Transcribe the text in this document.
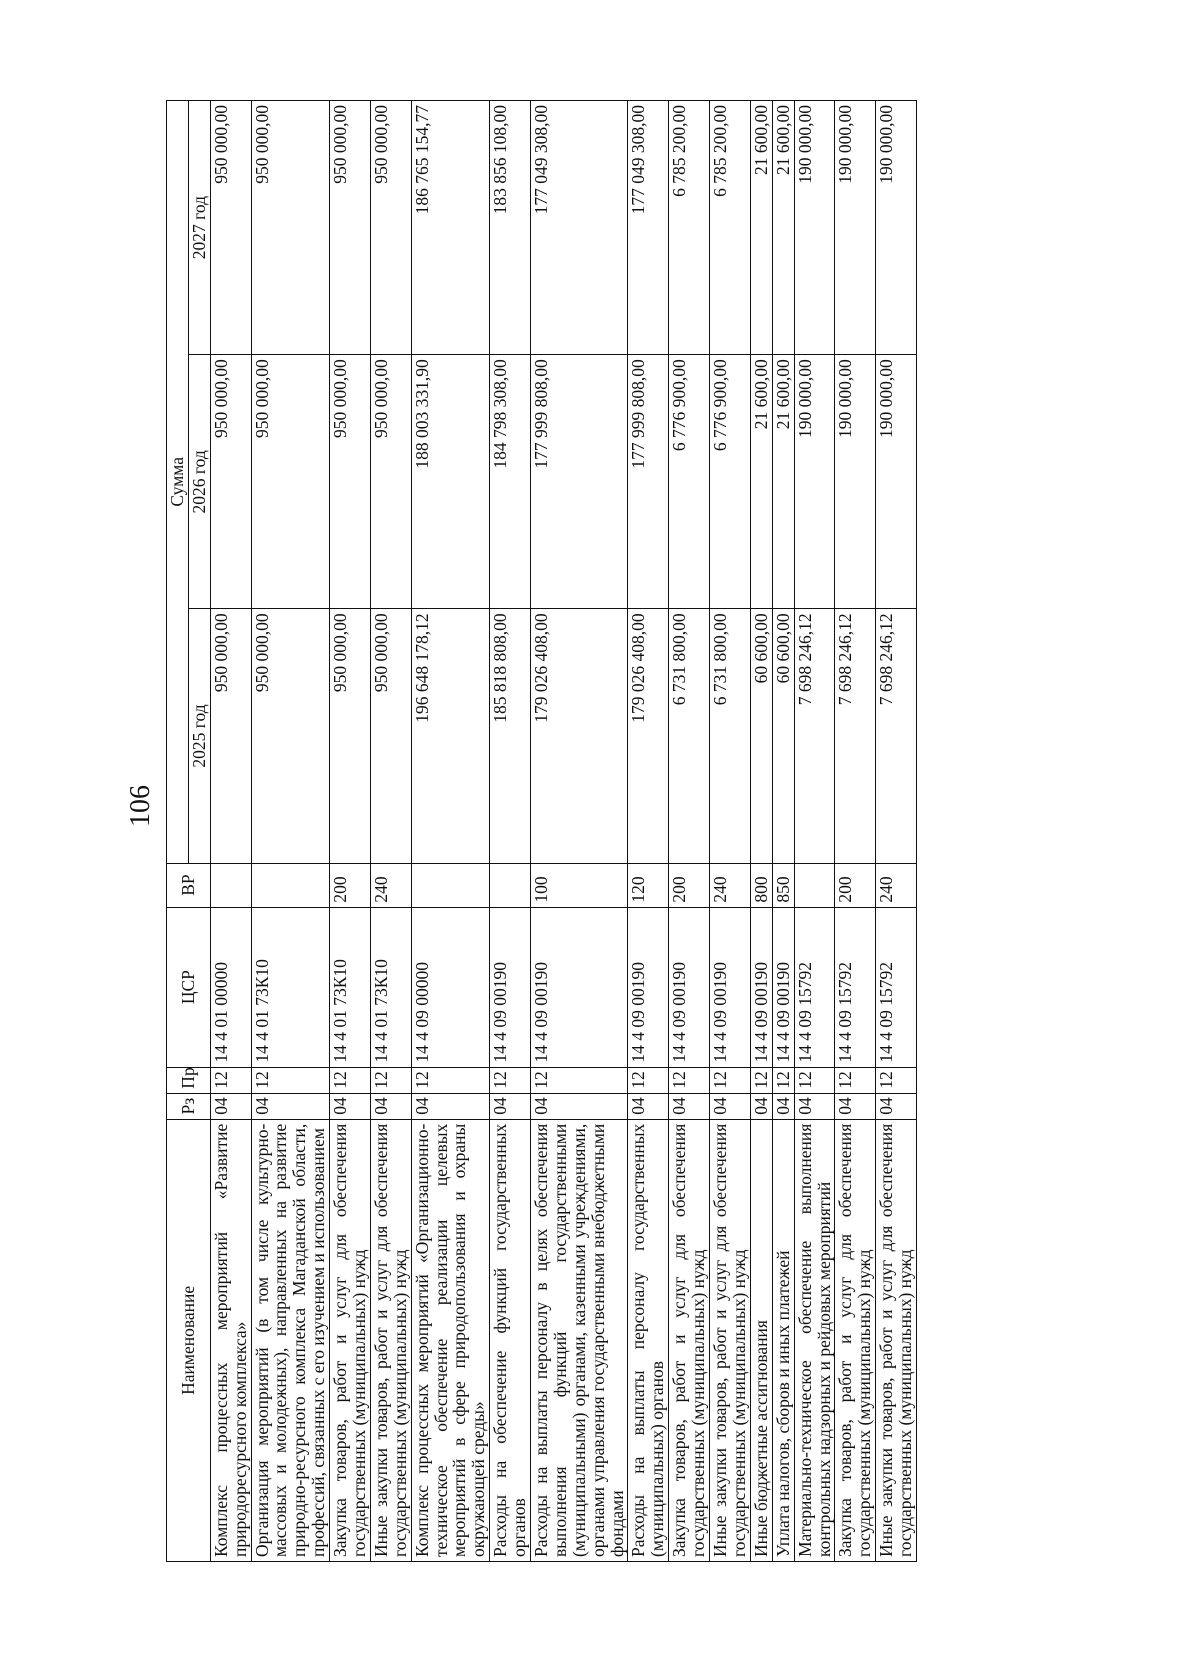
106
Наименование	Рз	Пр	ЦСР	ВР	Сумма		
					2025 год	2026 год	2027 год
Комплекс процессных мероприятий «Развитие природоресурсного комплекса»	04	12	14 4 01 00000		950 000,00	950 000,00	950 000,00
Организация мероприятий (в том числе культурно-массовых и молодежных), направленных на развитие природно-ресурсного комплекса Магаданской области, профессий, связанных с его изучением и использованием	04	12	14 4 01 73К10		950 000,00	950 000,00	950 000,00
Закупка товаров, работ и услуг для обеспечения государственных (муниципальных) нужд	04	12	14 4 01 73К10	200	950 000,00	950 000,00	950 000,00
Иные закупки товаров, работ и услуг для обеспечения государственных (муниципальных) нужд	04	12	14 4 01 73К10	240	950 000,00	950 000,00	950 000,00
Комплекс процессных мероприятий «Организационно-техническое обеспечение реализации целевых мероприятий в сфере природопользования и охраны окружающей среды»	04	12	14 4 09 00000		196 648 178,12	188 003 331,90	186 765 154,77
Расходы на обеспечение функций государственных органов	04	12	14 4 09 00190		185 818 808,00	184 798 308,00	183 856 108,00
Расходы на выплаты персоналу в целях обеспечения выполнения функций государственными (муниципальными) органами, казенными учреждениями, органами управления государственными внебюджетными фондами	04	12	14 4 09 00190	100	179 026 408,00	177 999 808,00	177 049 308,00
Расходы на выплаты персоналу государственных (муниципальных) органов	04	12	14 4 09 00190	120	179 026 408,00	177 999 808,00	177 049 308,00
Закупка товаров, работ и услуг для обеспечения государственных (муниципальных) нужд	04	12	14 4 09 00190	200	6 731 800,00	6 776 900,00	6 785 200,00
Иные закупки товаров, работ и услуг для обеспечения государственных (муниципальных) нужд	04	12	14 4 09 00190	240	6 731 800,00	6 776 900,00	6 785 200,00
Иные бюджетные ассигнования	04	12	14 4 09 00190	800	60 600,00	21 600,00	21 600,00
Уплата налогов, сборов и иных платежей	04	12	14 4 09 00190	850	60 600,00	21 600,00	21 600,00
Материально-техническое обеспечение выполнения контрольных надзорных и рейдовых мероприятий	04	12	14 4 09 15792		7 698 246,12	190 000,00	190 000,00
Закупка товаров, работ и услуг для обеспечения государственных (муниципальных) нужд	04	12	14 4 09 15792	200	7 698 246,12	190 000,00	190 000,00
Иные закупки товаров, работ и услуг для обеспечения государственных (муниципальных) нужд	04	12	14 4 09 15792	240	7 698 246,12	190 000,00	190 000,00
